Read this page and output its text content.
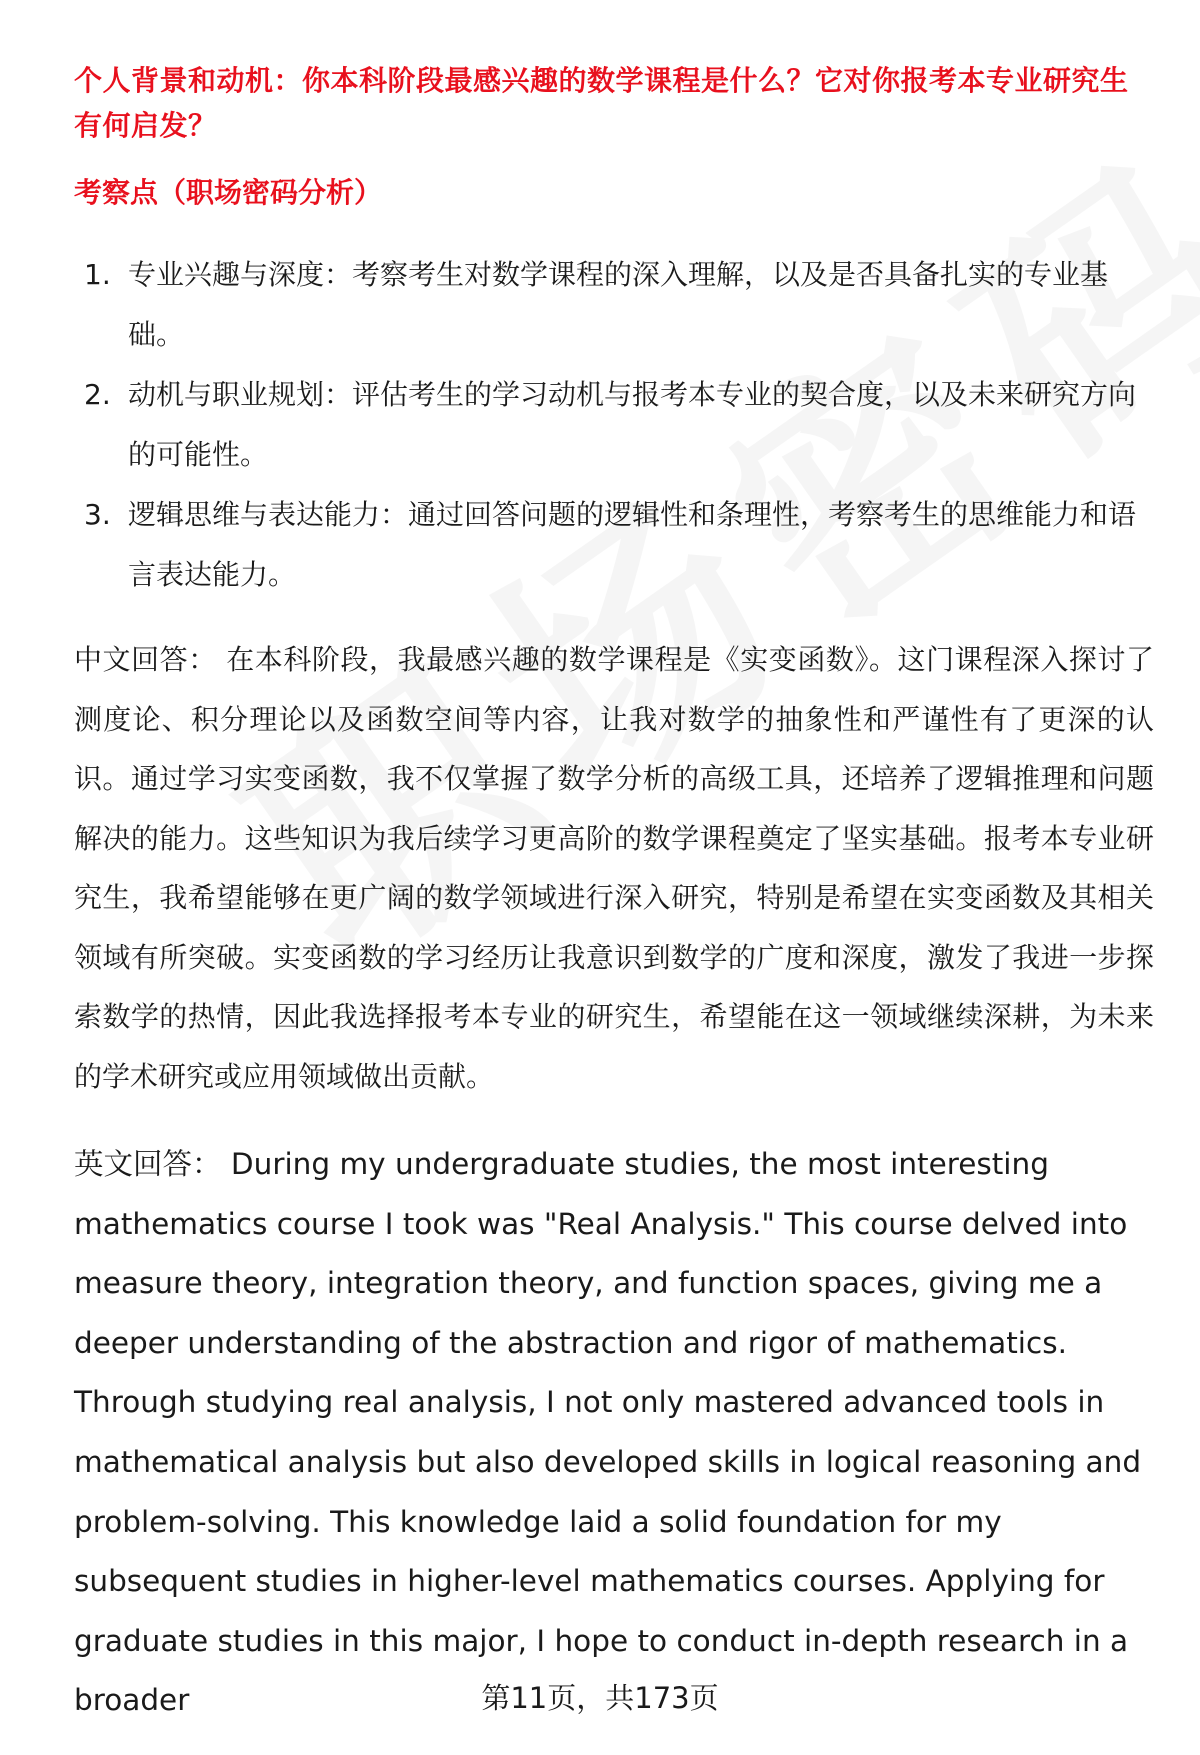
个人背景和动机：你本科阶段最感兴趣的数学课程是什么？它对你报考本专业研究生有何启发？
考察点（职场密码分析）
1. 专业兴趣与深度：考察考生对数学课程的深入理解，以及是否具备扎实的专业基础。
2. 动机与职业规划：评估考生的学习动机与报考本专业的契合度，以及未来研究方向的可能性。
3. 逻辑思维与表达能力：通过回答问题的逻辑性和条理性，考察考生的思维能力和语言表达能力。

中文回答： 在本科阶段，我最感兴趣的数学课程是《实变函数》。这门课程深入探讨了测度论、积分理论以及函数空间等内容，让我对数学的抽象性和严谨性有了更深的认识。通过学习实变函数，我不仅掌握了数学分析的高级工具，还培养了逻辑推理和问题解决的能力。这些知识为我后续学习更高阶的数学课程奠定了坚实基础。报考本专业研究生，我希望能够在更广阔的数学领域进行深入研究，特别是希望在实变函数及其相关领域有所突破。实变函数的学习经历让我意识到数学的广度和深度，激发了我进一步探索数学的热情，因此我选择报考本专业的研究生，希望能在这一领域继续深耕，为未来的学术研究或应用领域做出贡献。

英文回答： During my undergraduate studies, the most interesting mathematics course I took was "Real Analysis." This course delved into measure theory, integration theory, and function spaces, giving me a deeper understanding of the abstraction and rigor of mathematics. Through studying real analysis, I not only mastered advanced tools in mathematical analysis but also developed skills in logical reasoning and problem-solving. This knowledge laid a solid foundation for my subsequent studies in higher-level mathematics courses. Applying for graduate studies in this major, I hope to conduct in-depth research in a broader	第11页，共173页
